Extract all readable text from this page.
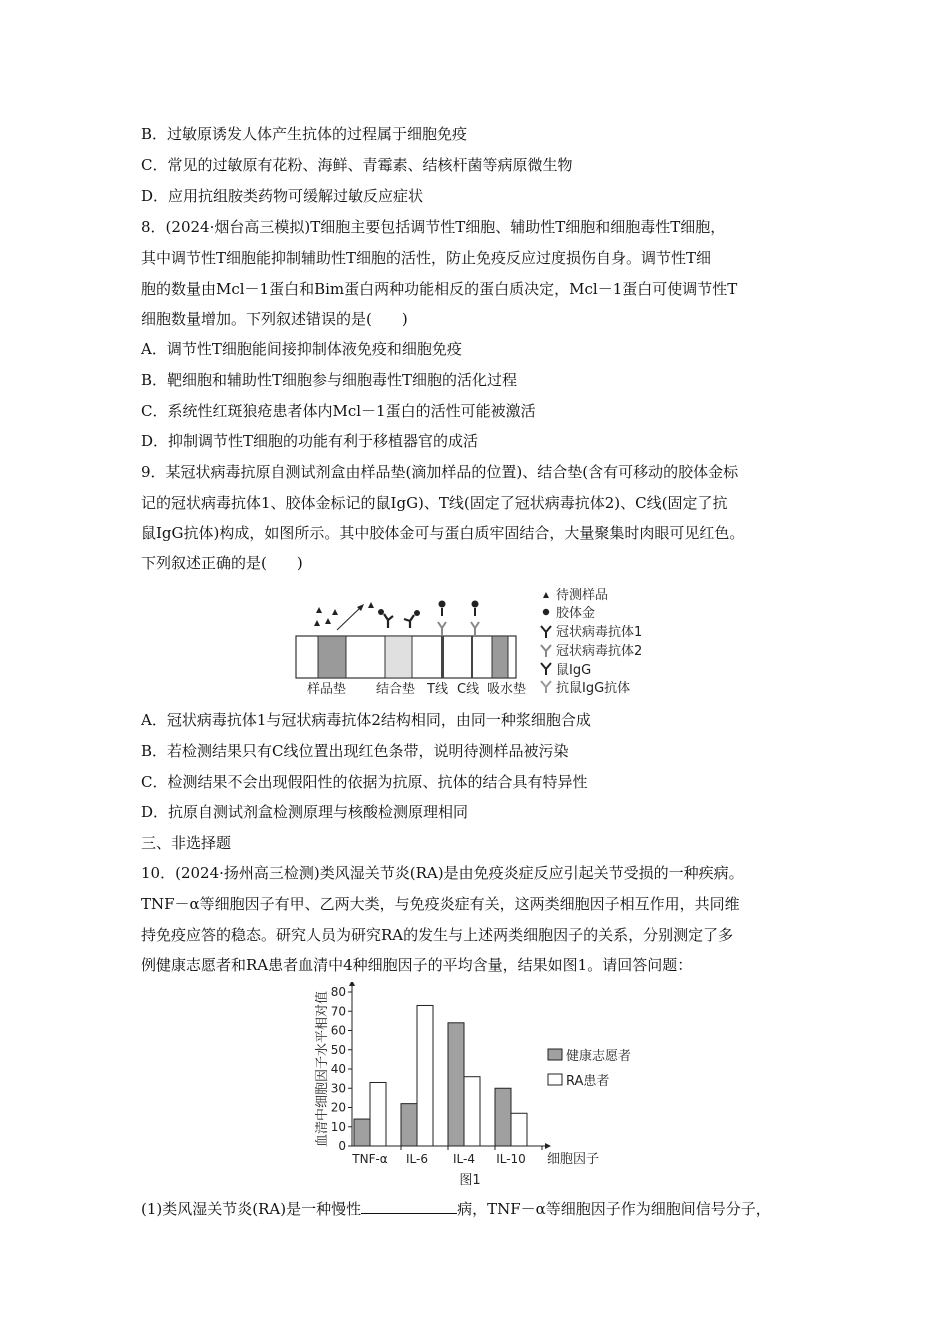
B．过敏原诱发人体产生抗体的过程属于细胞免疫
C．常见的过敏原有花粉、海鲜、青霉素、结核杆菌等病原微生物
D．应用抗组胺类药物可缓解过敏反应症状
8．(2024·烟台高三模拟)T细胞主要包括调节性T细胞、辅助性T细胞和细胞毒性T细胞，
其中调节性T细胞能抑制辅助性T细胞的活性，防止免疫反应过度损伤自身。调节性T细
胞的数量由Mcl－1蛋白和Bim蛋白两种功能相反的蛋白质决定，Mcl－1蛋白可使调节性T
细胞数量增加。下列叙述错误的是(　　)
A．调节性T细胞能间接抑制体液免疫和细胞免疫
B．靶细胞和辅助性T细胞参与细胞毒性T细胞的活化过程
C．系统性红斑狼疮患者体内Mcl－1蛋白的活性可能被激活
D．抑制调节性T细胞的功能有利于移植器官的成活
9．某冠状病毒抗原自测试剂盒由样品垫(滴加样品的位置)、结合垫(含有可移动的胶体金标
记的冠状病毒抗体1、胶体金标记的鼠IgG)、T线(固定了冠状病毒抗体2)、C线(固定了抗
鼠IgG抗体)构成，如图所示。其中胶体金可与蛋白质牢固结合，大量聚集时肉眼可见红色。
下列叙述正确的是(　　)
样品垫 结合垫 T线 C线 吸水垫
待测样品
胶体金
冠状病毒抗体1
冠状病毒抗体2
鼠IgG
抗鼠IgG抗体
A．冠状病毒抗体1与冠状病毒抗体2结构相同，由同一种浆细胞合成
B．若检测结果只有C线位置出现红色条带，说明待测样品被污染
C．检测结果不会出现假阳性的依据为抗原、抗体的结合具有特异性
D．抗原自测试剂盒检测原理与核酸检测原理相同
三、非选择题
10．(2024·扬州高三检测)类风湿关节炎(RA)是由免疫炎症反应引起关节受损的一种疾病。
TNF－α等细胞因子有甲、乙两大类，与免疫炎症有关，这两类细胞因子相互作用，共同维
持免疫应答的稳态。研究人员为研究RA的发生与上述两类细胞因子的关系，分别测定了多
例健康志愿者和RA患者血清中4种细胞因子的平均含量，结果如图1。请回答问题：
血清中细胞因子水平相对值 0
10
20
30
40
50
60
70
80
TNF-α IL-6 IL-4 IL-10 细胞因子
健康志愿者
RA患者
图1
(1)类风湿关节炎(RA)是一种慢性	病，TNF－α等细胞因子作为细胞间信号分子，
